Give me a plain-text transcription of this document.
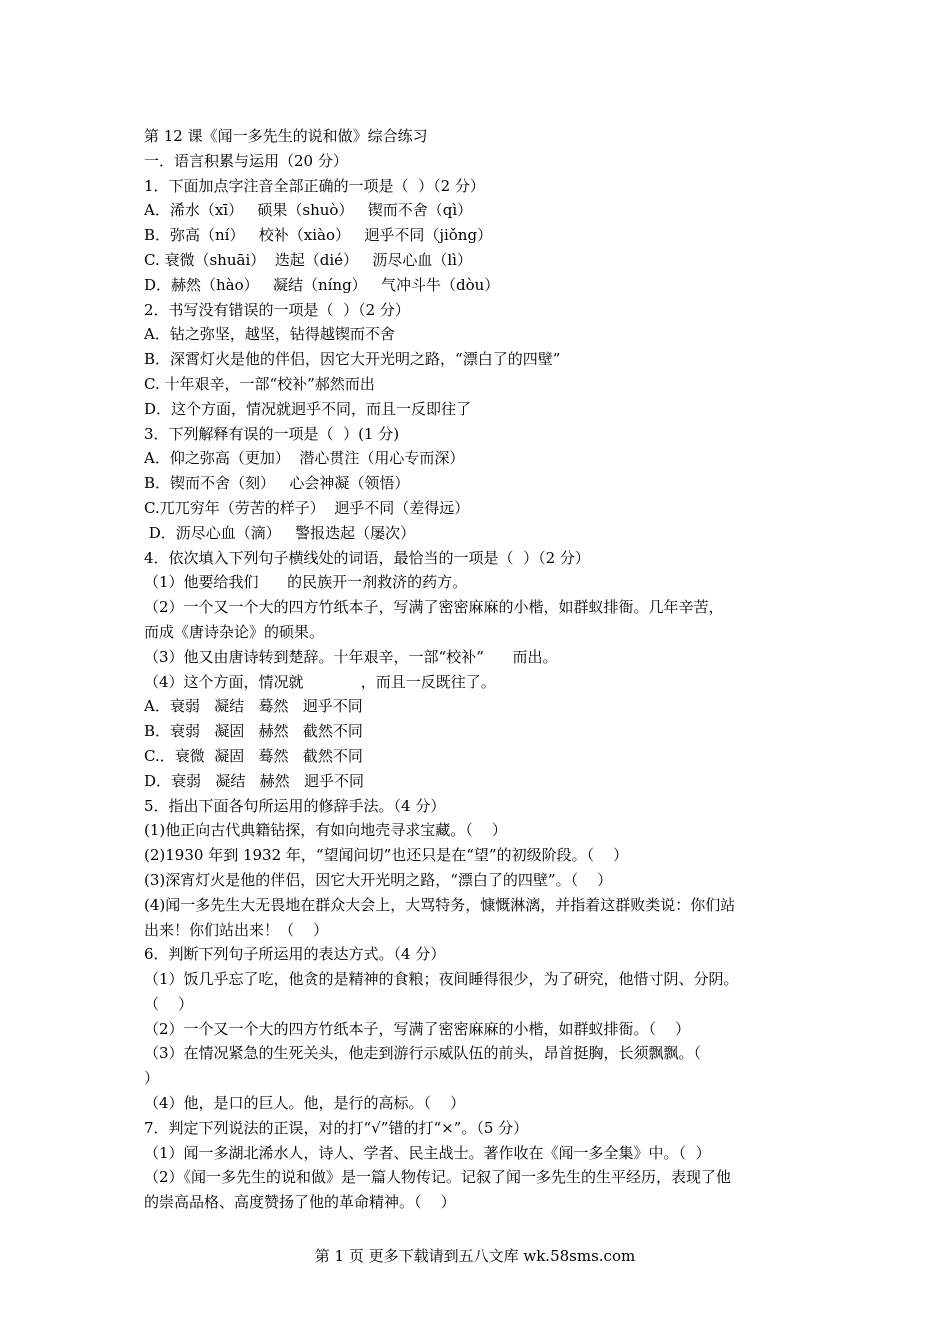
第 12 课《闻一多先生的说和做》综合练习
一．语言积累与运用（20 分）
1．下面加点字注音全部正确的一项是（  ）（2 分）
A．浠水（xī）   硕果（shuò）   锲而不舍（qì）
B．弥高（ní）   校补（xiào）   迥乎不同（jiǒng）
C. 衰微（shuāi）  迭起（dié）   沥尽心血（lì）
D．赫然（hào）   凝结（níng）   气冲斗牛（dòu）
2．书写没有错误的一项是（  ）（2 分）
A．钻之弥坚，越坚，钻得越锲而不舍
B．深霄灯火是他的伴侣，因它大开光明之路，“漂白了的四壁”
C. 十年艰辛，一部“校补”郝然而出
D．这个方面，情况就迥乎不同，而且一反即往了
3．下列解释有误的一项是（  ）(1 分)
A．仰之弥高（更加）  潜心贯注（用心专而深）
B．锲而不舍（刻）   心会神凝（领悟）
C.兀兀穷年（劳苦的样子）  迥乎不同（差得远）
D．沥尽心血（滴）   警报迭起（屡次）
4．依次填入下列句子横线处的词语，最恰当的一项是（  ）（2 分）
（1）他要给我们      的民族开一剂救济的药方。
（2）一个又一个大的四方竹纸本子，写满了密密麻麻的小楷，如群蚁排衙。几年辛苦，
而成《唐诗杂论》的硕果。
（3）他又由唐诗转到楚辞。十年艰辛，一部“校补”      而出。
（4）这个方面，情况就            ，而且一反既往了。
A．衰弱   凝结   蓦然   迥乎不同
B．衰弱   凝固   赫然   截然不同
C.．衰微  凝固   蓦然   截然不同
D．衰弱   凝结   赫然   迥乎不同
5．指出下面各句所运用的修辞手法。（4 分）
(1)他正向古代典籍钻探，有如向地壳寻求宝藏。（    ）
(2)1930 年到 1932 年，“望闻问切”也还只是在“望”的初级阶段。（    ）
(3)深宵灯火是他的伴侣，因它大开光明之路，“漂白了的四壁”。（    ）
(4)闻一多先生大无畏地在群众大会上，大骂特务，慷慨淋漓，并指着这群败类说：你们站
出来！你们站出来！（    ）
6．判断下列句子所运用的表达方式。（4 分）
（1）饭几乎忘了吃，他贪的是精神的食粮；夜间睡得很少，为了研究，他惜寸阴、分阴。
（    ）
（2）一个又一个大的四方竹纸本子，写满了密密麻麻的小楷，如群蚁排衙。（    ）
（3）在情况紧急的生死关头，他走到游行示威队伍的前头，昂首挺胸，长须飘飘。（
）
（4）他，是口的巨人。他，是行的高标。（    ）
7．判定下列说法的正误，对的打“√”错的打“×”。（5 分）
（1）闻一多湖北浠水人，诗人、学者、民主战士。著作收在《闻一多全集》中。（  ）
（2）《闻一多先生的说和做》是一篇人物传记。记叙了闻一多先生的生平经历，表现了他
的崇高品格、高度赞扬了他的革命精神。（    ）
第 1 页 更多下载请到五八文库 wk.58sms.com
